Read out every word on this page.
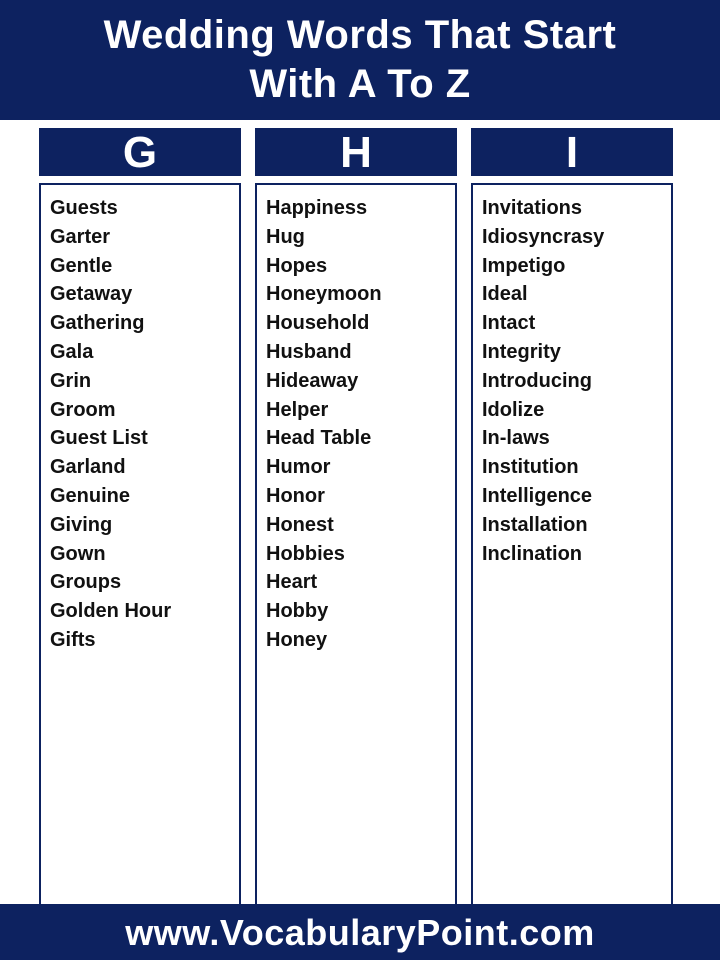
Wedding Words That Start
With A To Z
G
Guests
Garter
Gentle
Getaway
Gathering
Gala
Grin
Groom
Guest List
Garland
Genuine
Giving
Gown
Groups
Golden Hour
Gifts
H
Happiness
Hug
Hopes
Honeymoon
Household
Husband
Hideaway
Helper
Head Table
Humor
Honor
Honest
Hobbies
Heart
Hobby
Honey
I
Invitations
Idiosyncrasy
Impetigo
Ideal
Intact
Integrity
Introducing
Idolize
In-laws
Institution
Intelligence
Installation
Inclination
www.VocabularyPoint.com
